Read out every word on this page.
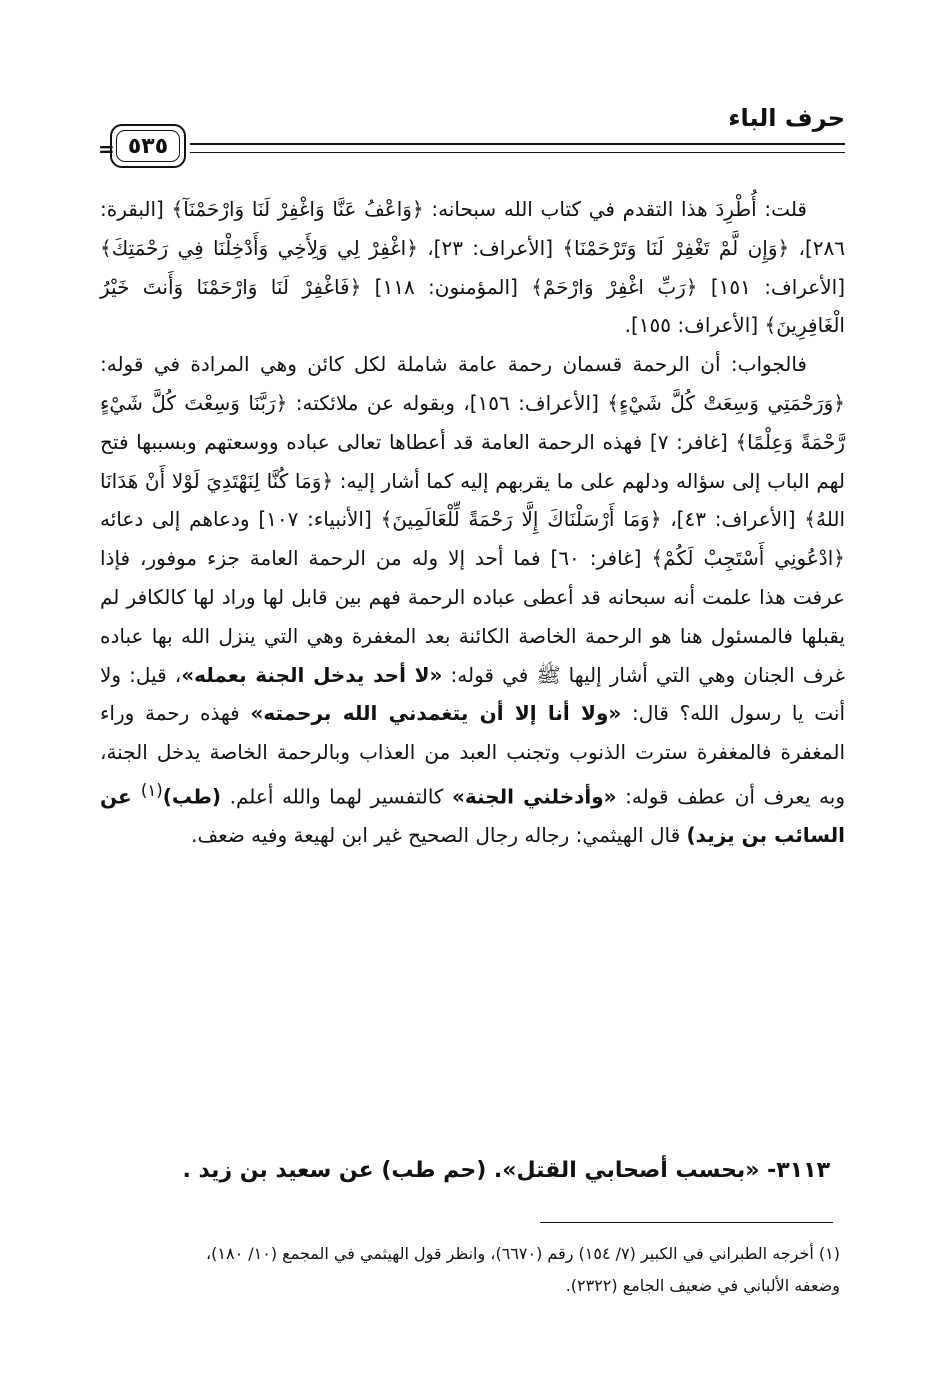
حرف الباء
= ٥٣٥

قلت: أُطْرِدَ هذا التقدم في كتاب الله سبحانه: ﴿وَاعْفُ عَنَّا وَاغْفِرْ لَنَا وَارْحَمْنَآ﴾ [البقرة: ٢٨٦]، ﴿وَإِن لَّمْ تَغْفِرْ لَنَا وَتَرْحَمْنَا﴾ [الأعراف: ٢٣]، ﴿اغْفِرْ لِي وَلِأَخِي وَأَدْخِلْنَا فِي رَحْمَتِكَ﴾ [الأعراف: ١٥١] ﴿رَبِّ اغْفِرْ وَارْحَمْ﴾ [المؤمنون: ١١٨] ﴿فَاغْفِرْ لَنَا وَارْحَمْنَا وَأَنتَ خَيْرُ الْغَافِرِينَ﴾ [الأعراف: ١٥٥].

فالجواب: أن الرحمة قسمان رحمة عامة شاملة لكل كائن وهي المرادة في قوله: ﴿وَرَحْمَتِي وَسِعَتْ كُلَّ شَيْءٍ﴾ [الأعراف: ١٥٦]، وبقوله عن ملائكته: ﴿رَبَّنَا وَسِعْتَ كُلَّ شَيْءٍ رَّحْمَةً وَعِلْمًا﴾ [غافر: ٧] فهذه الرحمة العامة قد أعطاها تعالى عباده ووسعتهم وبسببها فتح لهم الباب إلى سؤاله ودلهم على ما يقربهم إليه كما أشار إليه: ﴿وَمَا كُنَّا لِنَهْتَدِيَ لَوْلا أَنْ هَدَانَا اللهُ﴾ [الأعراف: ٤٣]، ﴿وَمَا أَرْسَلْنَاكَ إِلَّا رَحْمَةً لِّلْعَالَمِينَ﴾ [الأنبياء: ١٠٧] ودعاهم إلى دعائه ﴿ادْعُونِي أَسْتَجِبْ لَكُمْ﴾ [غافر: ٦٠] فما أحد إلا وله من الرحمة العامة جزء موفور، فإذا عرفت هذا علمت أنه سبحانه قد أعطى عباده الرحمة فهم بين قابل لها وراد لها كالكافر لم يقبلها فالمسئول هنا هو الرحمة الخاصة الكائنة بعد المغفرة وهي التي ينزل الله بها عباده غرف الجنان وهي التي أشار إليها ﷺ في قوله: «لا أحد يدخل الجنة بعمله»، قيل: ولا أنت يا رسول الله؟ قال: «ولا أنا إلا أن يتغمدني الله برحمته» فهذه رحمة وراء المغفرة فالمغفرة سترت الذنوب وتجنب العبد من العذاب وبالرحمة الخاصة يدخل الجنة، وبه يعرف أن عطف قوله: «وأدخلني الجنة» كالتفسير لهما والله أعلم. (طب)$^{(١)}$ عن السائب بن يزيد) قال الهيثمي: رجاله رجال الصحيح غير ابن لهيعة وفيه ضعف.

٣١١٣- «بحسب أصحابي القتل». (حم طب) عن سعيد بن زيد .

(١) أخرجه الطبراني في الكبير (٧/ ١٥٤) رقم (٦٦٧٠)، وانظر قول الهيثمي في المجمع (١٠/ ١٨٠)،

وضعفه الألباني في ضعيف الجامع (٢٣٢٢).
